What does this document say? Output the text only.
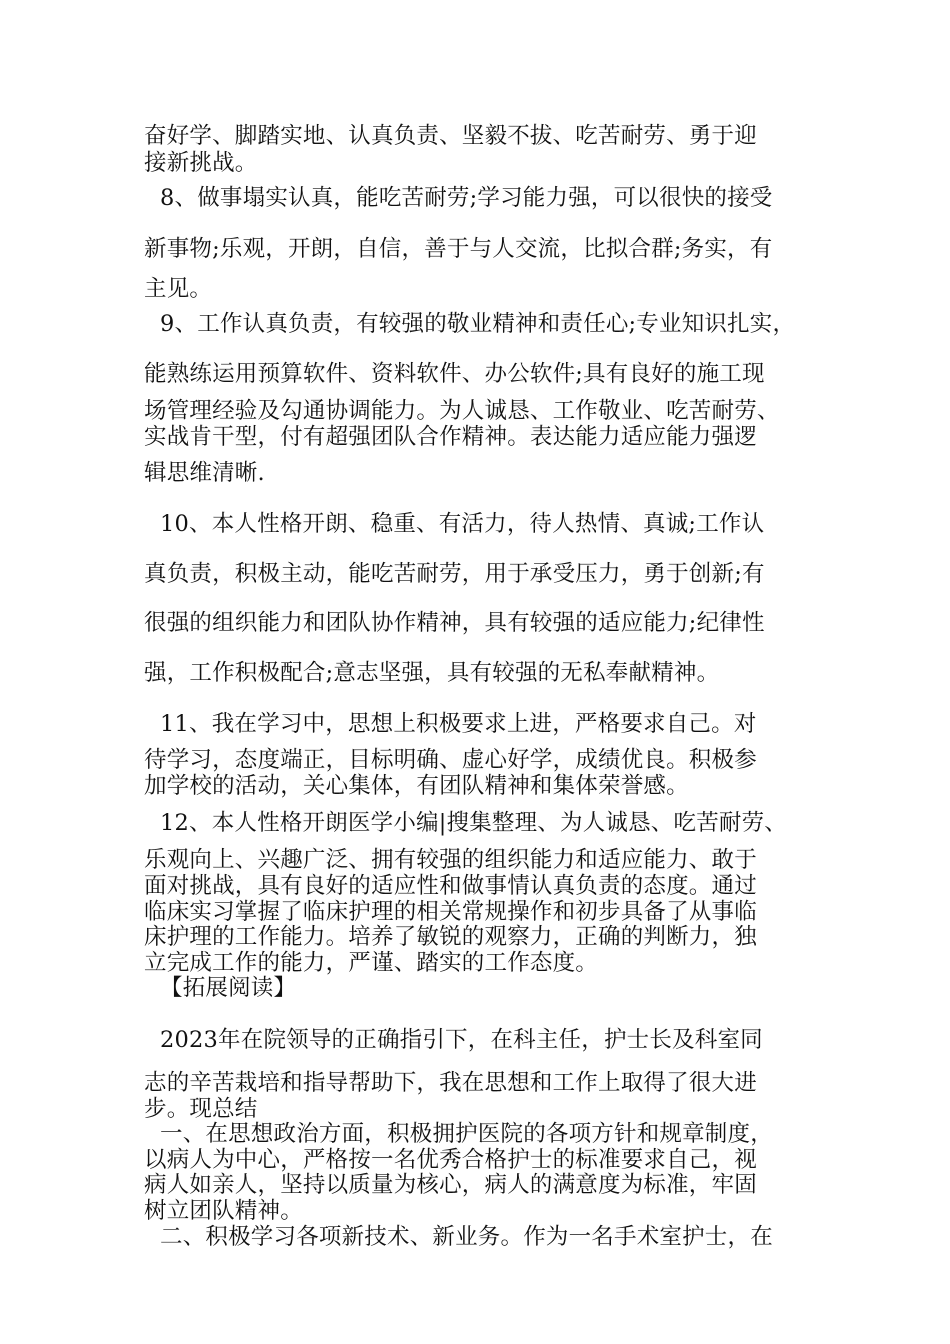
奋好学、脚踏实地、认真负责、坚毅不拔、吃苦耐劳、勇于迎
接新挑战。
8、做事塌实认真，能吃苦耐劳;学习能力强，可以很快的接受
新事物;乐观，开朗，自信，善于与人交流，比拟合群;务实，有
主见。
9、工作认真负责，有较强的敬业精神和责任心;专业知识扎实，
能熟练运用预算软件、资料软件、办公软件;具有良好的施工现
场管理经验及勾通协调能力。为人诚恳、工作敬业、吃苦耐劳、
实战肯干型，付有超强团队合作精神。表达能力适应能力强逻
辑思维清晰.
10、本人性格开朗、稳重、有活力，待人热情、真诚;工作认
真负责，积极主动，能吃苦耐劳，用于承受压力，勇于创新;有
很强的组织能力和团队协作精神，具有较强的适应能力;纪律性
强，工作积极配合;意志坚强，具有较强的无私奉献精神。
11、我在学习中，思想上积极要求上进，严格要求自己。对
待学习，态度端正，目标明确、虚心好学，成绩优良。积极参
加学校的活动，关心集体，有团队精神和集体荣誉感。
12、本人性格开朗医学小编|搜集整理、为人诚恳、吃苦耐劳、
乐观向上、兴趣广泛、拥有较强的组织能力和适应能力、敢于
面对挑战，具有良好的适应性和做事情认真负责的态度。通过
临床实习掌握了临床护理的相关常规操作和初步具备了从事临
床护理的工作能力。培养了敏锐的观察力，正确的判断力，独
立完成工作的能力，严谨、踏实的工作态度。
【拓展阅读】
2023年在院领导的正确指引下，在科主任，护士长及科室同
志的辛苦栽培和指导帮助下，我在思想和工作上取得了很大进
步。现总结
一、在思想政治方面，积极拥护医院的各项方针和规章制度，
以病人为中心，严格按一名优秀合格护士的标准要求自己，视
病人如亲人，坚持以质量为核心，病人的满意度为标准，牢固
树立团队精神。
二、积极学习各项新技术、新业务。作为一名手术室护士，在
